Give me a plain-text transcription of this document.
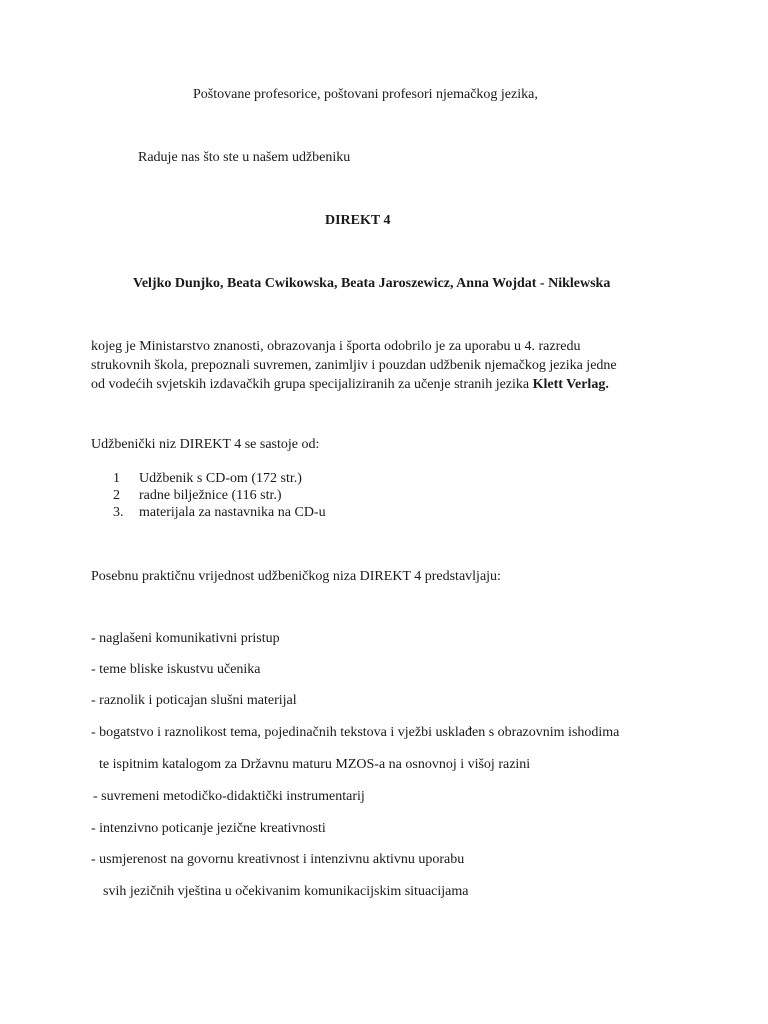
Poštovane profesorice, poštovani profesori njemačkog jezika,
Raduje nas što ste u našem udžbeniku
DIREKT 4
Veljko Dunjko, Beata Cwikowska, Beata Jaroszewicz, Anna Wojdat - Niklewska
kojeg je Ministarstvo znanosti, obrazovanja i športa odobrilo je za uporabu u 4. razredu
strukovnih škola, prepoznali suvremen, zanimljiv i pouzdan udžbenik njemačkog jezika jedne
od vodećih svjetskih izdavačkih grupa specijaliziranih za učenje stranih jezika Klett Verlag.
Udžbenički niz DIREKT 4 se sastoje od:
1 Udžbenik s CD-om (172 str.)
2 radne bilježnice (116 str.)
3. materijala za nastavnika na CD-u
Posebnu praktičnu vrijednost udžbeničkog niza DIREKT 4 predstavljaju:
- naglašeni komunikativni pristup
- teme bliske iskustvu učenika
- raznolik i poticajan slušni materijal
- bogatstvo i raznolikost tema, pojedinačnih tekstova i vježbi usklađen s obrazovnim ishodima
te ispitnim katalogom za Državnu maturu MZOS-a na osnovnoj i višoj razini
- suvremeni metodičko-didaktički instrumentarij
- intenzivno poticanje jezične kreativnosti
- usmjerenost na govornu kreativnost i intenzivnu aktivnu uporabu
svih jezičnih vještina u očekivanim komunikacijskim situacijama
